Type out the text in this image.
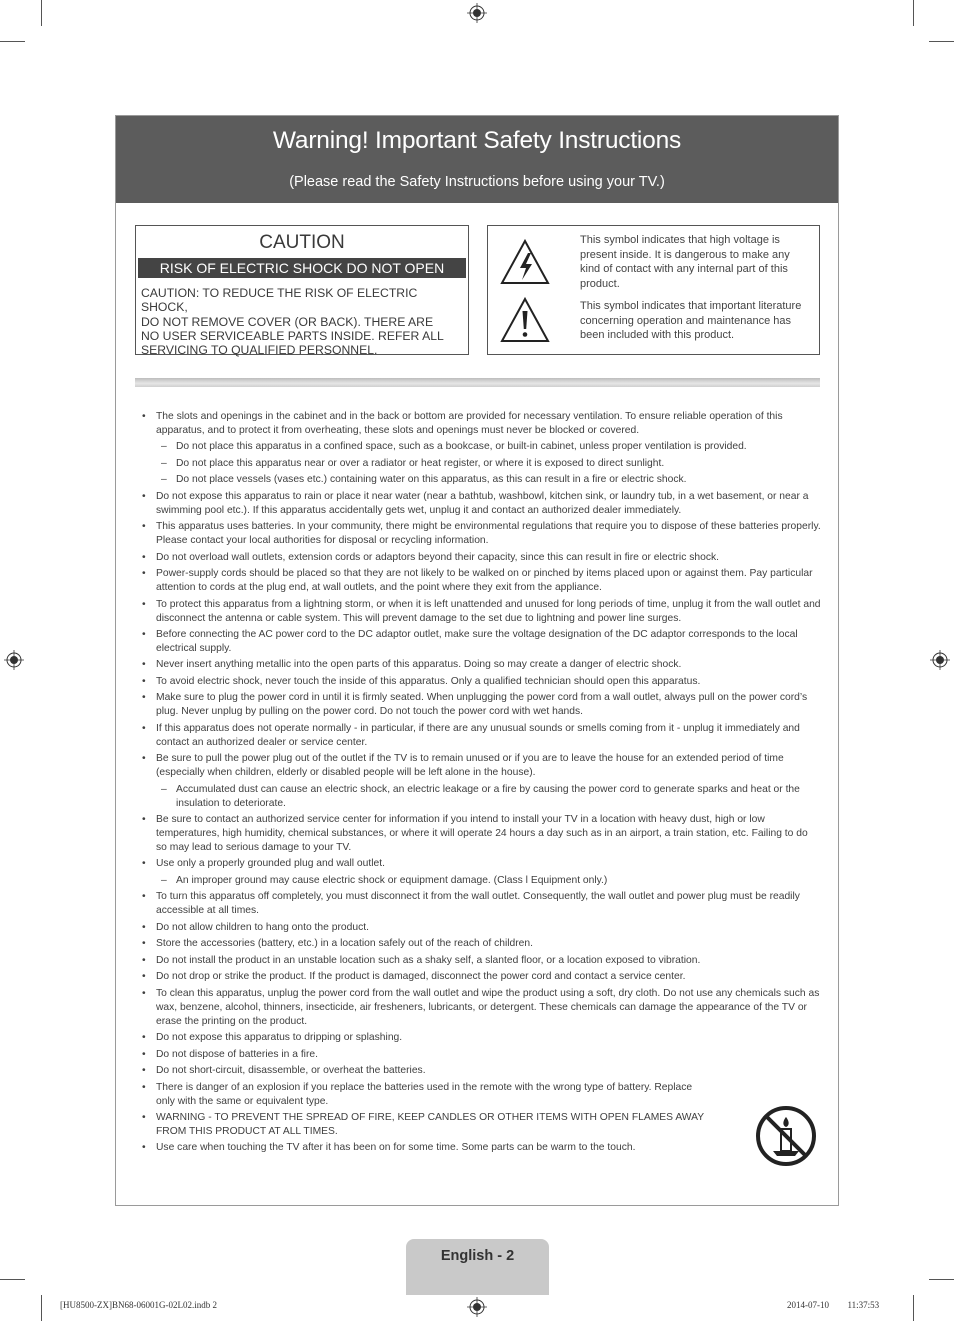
Warning! Important Safety Instructions
(Please read the Safety Instructions before using your TV.)
CAUTION
RISK OF ELECTRIC SHOCK DO NOT OPEN
CAUTION: TO REDUCE THE RISK OF ELECTRIC SHOCK,
DO NOT REMOVE COVER (OR BACK). THERE ARE
NO USER SERVICEABLE PARTS INSIDE. REFER ALL
SERVICING TO QUALIFIED PERSONNEL.
This symbol indicates that high voltage is present inside. It is dangerous to make any kind of contact with any internal part of this product.
This symbol indicates that important literature concerning operation and maintenance has been included with this product.
• The slots and openings in the cabinet and in the back or bottom are provided for necessary ventilation. To ensure reliable operation of this apparatus, and to protect it from overheating, these slots and openings must never be blocked or covered.
– Do not place this apparatus in a confined space, such as a bookcase, or built-in cabinet, unless proper ventilation is provided.
– Do not place this apparatus near or over a radiator or heat register, or where it is exposed to direct sunlight.
– Do not place vessels (vases etc.) containing water on this apparatus, as this can result in a fire or electric shock.
• Do not expose this apparatus to rain or place it near water (near a bathtub, washbowl, kitchen sink, or laundry tub, in a wet basement, or near a swimming pool etc.). If this apparatus accidentally gets wet, unplug it and contact an authorized dealer immediately.
• This apparatus uses batteries. In your community, there might be environmental regulations that require you to dispose of these batteries properly. Please contact your local authorities for disposal or recycling information.
• Do not overload wall outlets, extension cords or adaptors beyond their capacity, since this can result in fire or electric shock.
• Power-supply cords should be placed so that they are not likely to be walked on or pinched by items placed upon or against them. Pay particular attention to cords at the plug end, at wall outlets, and the point where they exit from the appliance.
• To protect this apparatus from a lightning storm, or when it is left unattended and unused for long periods of time, unplug it from the wall outlet and disconnect the antenna or cable system. This will prevent damage to the set due to lightning and power line surges.
• Before connecting the AC power cord to the DC adaptor outlet, make sure the voltage designation of the DC adaptor corresponds to the local electrical supply.
• Never insert anything metallic into the open parts of this apparatus. Doing so may create a danger of electric shock.
• To avoid electric shock, never touch the inside of this apparatus. Only a qualified technician should open this apparatus.
• Make sure to plug the power cord in until it is firmly seated. When unplugging the power cord from a wall outlet, always pull on the power cord’s plug. Never unplug by pulling on the power cord. Do not touch the power cord with wet hands.
• If this apparatus does not operate normally - in particular, if there are any unusual sounds or smells coming from it - unplug it immediately and contact an authorized dealer or service center.
• Be sure to pull the power plug out of the outlet if the TV is to remain unused or if you are to leave the house for an extended period of time (especially when children, elderly or disabled people will be left alone in the house).
– Accumulated dust can cause an electric shock, an electric leakage or a fire by causing the power cord to generate sparks and heat or the insulation to deteriorate.
• Be sure to contact an authorized service center for information if you intend to install your TV in a location with heavy dust, high or low temperatures, high humidity, chemical substances, or where it will operate 24 hours a day such as in an airport, a train station, etc. Failing to do so may lead to serious damage to your TV.
• Use only a properly grounded plug and wall outlet.
– An improper ground may cause electric shock or equipment damage. (Class l Equipment only.)
• To turn this apparatus off completely, you must disconnect it from the wall outlet. Consequently, the wall outlet and power plug must be readily accessible at all times.
• Do not allow children to hang onto the product.
• Store the accessories (battery, etc.) in a location safely out of the reach of children.
• Do not install the product in an unstable location such as a shaky self, a slanted floor, or a location exposed to vibration.
• Do not drop or strike the product. If the product is damaged, disconnect the power cord and contact a service center.
• To clean this apparatus, unplug the power cord from the wall outlet and wipe the product using a soft, dry cloth. Do not use any chemicals such as wax, benzene, alcohol, thinners, insecticide, air fresheners, lubricants, or detergent. These chemicals can damage the appearance of the TV or erase the printing on the product.
• Do not expose this apparatus to dripping or splashing.
• Do not dispose of batteries in a fire.
• Do not short-circuit, disassemble, or overheat the batteries.
• There is danger of an explosion if you replace the batteries used in the remote with the wrong type of battery. Replace only with the same or equivalent type.
• WARNING - TO PREVENT THE SPREAD OF FIRE, KEEP CANDLES OR OTHER ITEMS WITH OPEN FLAMES AWAY FROM THIS PRODUCT AT ALL TIMES.
• Use care when touching the TV after it has been on for some time. Some parts can be warm to the touch.
English - 2
[HU8500-ZX]BN68-06001G-02L02.indb 2	2014-07-10 ￿￿ 11:37:53
